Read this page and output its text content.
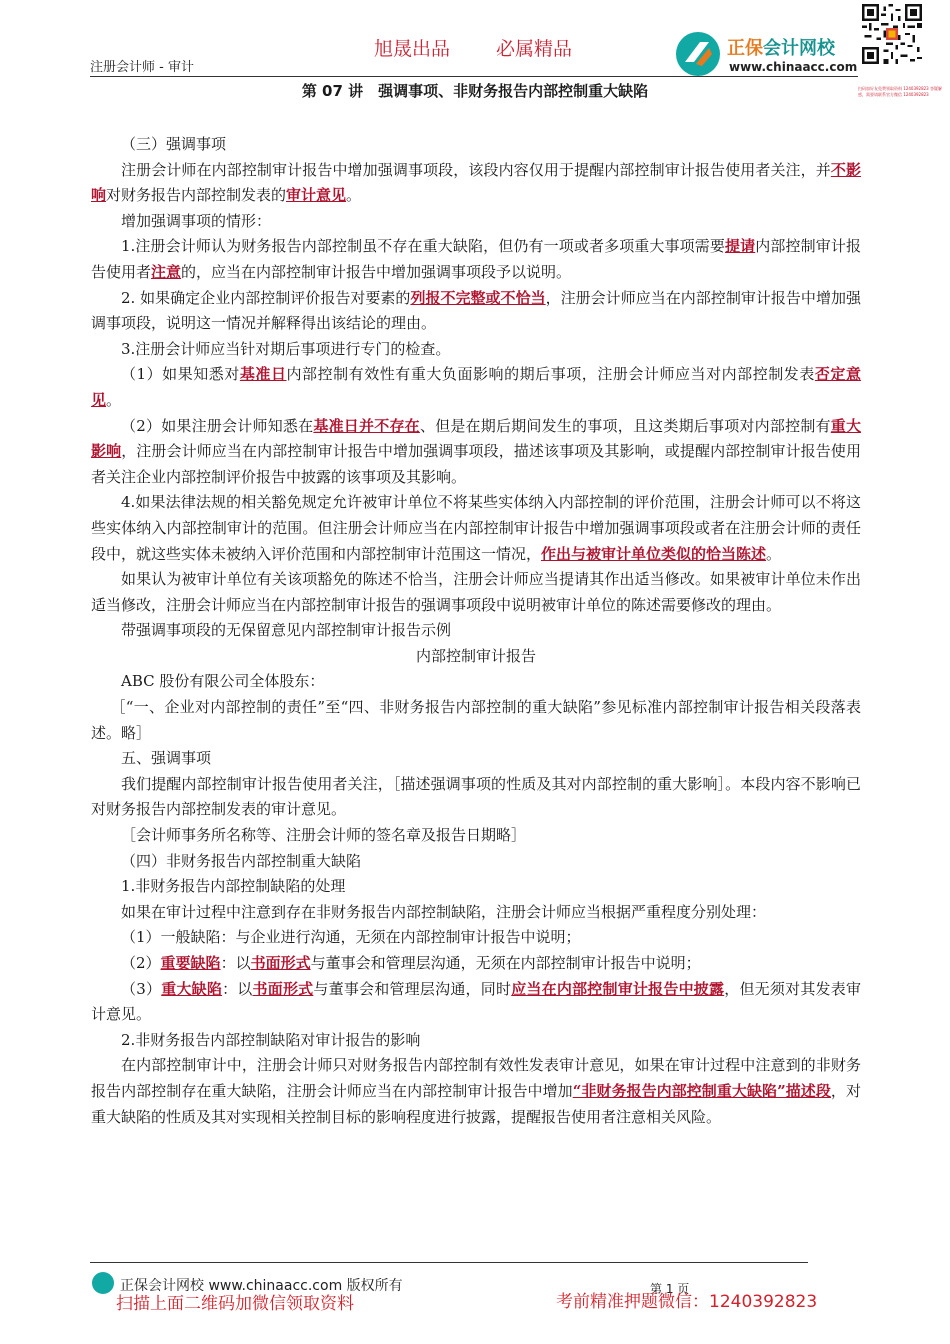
旭晟出品 必属精品
注册会计师 - 审计
正保会计网校
www.chinaacc.com
扫码加好友免费领取资料 1240392823 答疑解惑，需要请联系官方微信 1240392823
第 07 讲　强调事项、非财务报告内部控制重大缺陷

（三）强调事项

注册会计师在内部控制审计报告中增加强调事项段，该段内容仅用于提醒内部控制审计报告使用者关注，并不影响对财务报告内部控制发表的审计意见。

增加强调事项的情形：

1.注册会计师认为财务报告内部控制虽不存在重大缺陷，但仍有一项或者多项重大事项需要提请内部控制审计报告使用者注意的，应当在内部控制审计报告中增加强调事项段予以说明。

2. 如果确定企业内部控制评价报告对要素的列报不完整或不恰当，注册会计师应当在内部控制审计报告中增加强调事项段，说明这一情况并解释得出该结论的理由。

3.注册会计师应当针对期后事项进行专门的检查。

（1）如果知悉对基准日内部控制有效性有重大负面影响的期后事项，注册会计师应当对内部控制发表否定意见。

（2）如果注册会计师知悉在基准日并不存在、但是在期后期间发生的事项，且这类期后事项对内部控制有重大影响，注册会计师应当在内部控制审计报告中增加强调事项段，描述该事项及其影响，或提醒内部控制审计报告使用者关注企业内部控制评价报告中披露的该事项及其影响。

4.如果法律法规的相关豁免规定允许被审计单位不将某些实体纳入内部控制的评价范围，注册会计师可以不将这些实体纳入内部控制审计的范围。但注册会计师应当在内部控制审计报告中增加强调事项段或者在注册会计师的责任段中，就这些实体未被纳入评价范围和内部控制审计范围这一情况，作出与被审计单位类似的恰当陈述。

如果认为被审计单位有关该项豁免的陈述不恰当，注册会计师应当提请其作出适当修改。如果被审计单位未作出适当修改，注册会计师应当在内部控制审计报告的强调事项段中说明被审计单位的陈述需要修改的理由。

带强调事项段的无保留意见内部控制审计报告示例

内部控制审计报告

ABC 股份有限公司全体股东：

［“一、企业对内部控制的责任”至“四、非财务报告内部控制的重大缺陷”参见标准内部控制审计报告相关段落表述。略］

五、强调事项

我们提醒内部控制审计报告使用者关注，［描述强调事项的性质及其对内部控制的重大影响］。本段内容不影响已对财务报告内部控制发表的审计意见。

［会计师事务所名称等、注册会计师的签名章及报告日期略］

（四）非财务报告内部控制重大缺陷

1.非财务报告内部控制缺陷的处理

如果在审计过程中注意到存在非财务报告内部控制缺陷，注册会计师应当根据严重程度分别处理：

（1）一般缺陷：与企业进行沟通，无须在内部控制审计报告中说明；

（2）重要缺陷：以书面形式与董事会和管理层沟通，无须在内部控制审计报告中说明；

（3）重大缺陷：以书面形式与董事会和管理层沟通，同时应当在内部控制审计报告中披露，但无须对其发表审计意见。

2.非财务报告内部控制缺陷对审计报告的影响

在内部控制审计中，注册会计师只对财务报告内部控制有效性发表审计意见，如果在审计过程中注意到的非财务报告内部控制存在重大缺陷，注册会计师应当在内部控制审计报告中增加“非财务报告内部控制重大缺陷”描述段，对重大缺陷的性质及其对实现相关控制目标的影响程度进行披露，提醒报告使用者注意相关风险。

正保会计网校 www.chinaacc.com 版权所有	第 1 页
扫描上面二维码加微信领取资料	考前精准押题微信：1240392823
